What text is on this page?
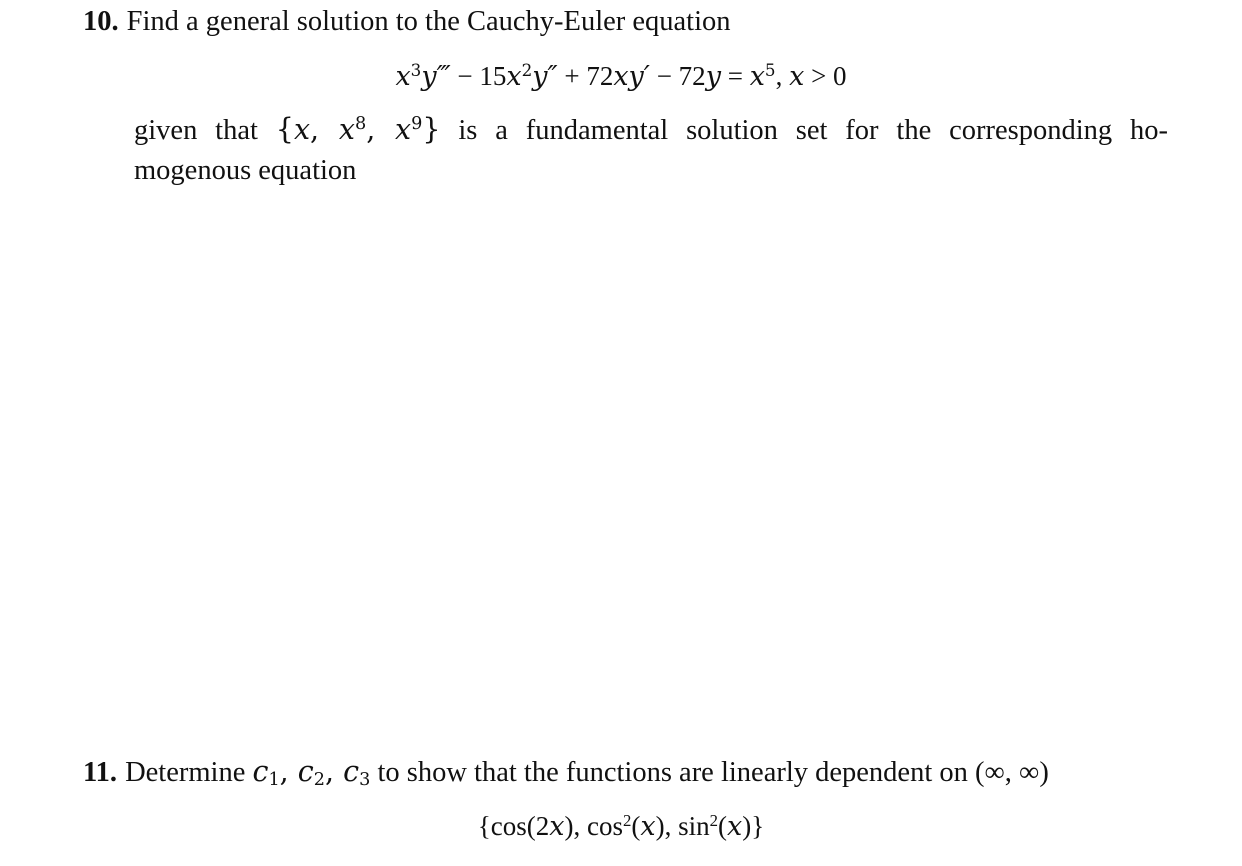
10. Find a general solution to the Cauchy-Euler equation
$x^3y‴ - 15x^2y'' + 72xy' - 72y = x^5$, x > 0
given that {x, $x^8$, $x^9$} is a fundamental solution set for the corresponding ho-
mogenous equation
11. Determine $c_1$, $c_2$, $c_3$ to show that the functions are linearly dependent on (∞, ∞)
{cos(2x), $\cos^2(x)$, $\sin^2(x)$}
